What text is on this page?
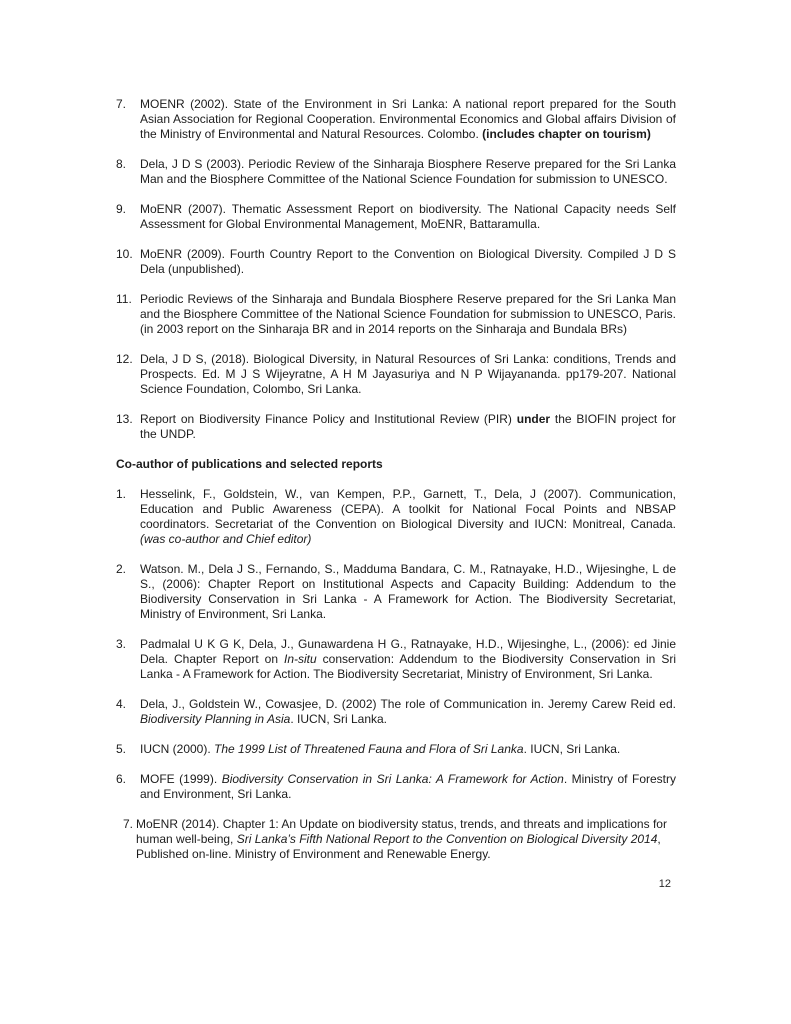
7.	MOENR (2002). State of the Environment in Sri Lanka: A national report prepared for the South Asian Association for Regional Cooperation. Environmental Economics and Global affairs Division of the Ministry of Environmental and Natural Resources. Colombo. (includes chapter on tourism)
8.	Dela, J D S (2003). Periodic Review of the Sinharaja Biosphere Reserve prepared for the Sri Lanka Man and the Biosphere Committee of the National Science Foundation for submission to UNESCO.
9.	MoENR (2007). Thematic Assessment Report on biodiversity. The National Capacity needs Self Assessment for Global Environmental Management, MoENR, Battaramulla.
10. MoENR (2009). Fourth Country Report to the Convention on Biological Diversity. Compiled J D S Dela (unpublished).
11. Periodic Reviews of the Sinharaja and Bundala Biosphere Reserve prepared for the Sri Lanka Man and the Biosphere Committee of the National Science Foundation for submission to UNESCO, Paris. (in 2003 report on the Sinharaja BR and in 2014 reports on the Sinharaja and Bundala BRs)
12. Dela, J D S, (2018). Biological Diversity, in Natural Resources of Sri Lanka: conditions, Trends and Prospects. Ed. M J S Wijeyratne, A H M Jayasuriya and N P Wijayananda. pp179-207. National Science Foundation, Colombo, Sri Lanka.
13. Report on Biodiversity Finance Policy and Institutional Review (PIR) under the BIOFIN project for the UNDP.
Co-author of publications and selected reports
1.	Hesselink, F., Goldstein, W., van Kempen, P.P., Garnett, T., Dela, J (2007). Communication, Education and Public Awareness (CEPA). A toolkit for National Focal Points and NBSAP coordinators. Secretariat of the Convention on Biological Diversity and IUCN: Monitreal, Canada. (was co-author and Chief editor)
2.	Watson. M., Dela J S., Fernando, S., Madduma Bandara, C. M., Ratnayake, H.D., Wijesinghe, L de S., (2006): Chapter Report on Institutional Aspects and Capacity Building: Addendum to the Biodiversity Conservation in Sri Lanka - A Framework for Action. The Biodiversity Secretariat, Ministry of Environment, Sri Lanka.
3.	Padmalal U K G K, Dela, J., Gunawardena H G., Ratnayake, H.D., Wijesinghe, L., (2006): ed Jinie Dela. Chapter Report on In-situ conservation: Addendum to the Biodiversity Conservation in Sri Lanka - A Framework for Action. The Biodiversity Secretariat, Ministry of Environment, Sri Lanka.
4.	Dela, J., Goldstein W., Cowasjee, D. (2002) The role of Communication in. Jeremy Carew Reid ed. Biodiversity Planning in Asia. IUCN, Sri Lanka.
5.	IUCN (2000). The 1999 List of Threatened Fauna and Flora of Sri Lanka. IUCN, Sri Lanka.
6.	MOFE (1999). Biodiversity Conservation in Sri Lanka: A Framework for Action. Ministry of Forestry and Environment, Sri Lanka.
7. MoENR (2014). Chapter 1: An Update on biodiversity status, trends, and threats and implications for human well-being, Sri Lanka’s Fifth National Report to the Convention on Biological Diversity 2014, Published on-line. Ministry of Environment and Renewable Energy.
12
